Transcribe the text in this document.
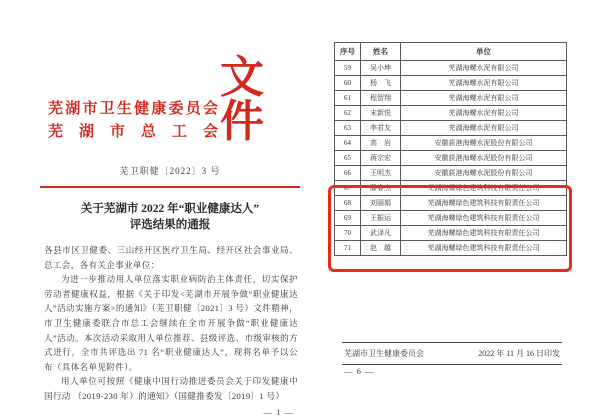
芜湖市卫生健康委员会
芜湖市总工会
文件
芜卫职健〔2022〕3 号
关于芜湖市 2022 年“职业健康达人”
评选结果的通报

各县市区卫健委、三山经开区医疗卫生局、经开区社会事业局、总工会，各有关企事业单位：

为进一步推动用人单位落实职业病防治主体责任，切实保护劳动者健康权益，根据《关于印发<芜湖市开展争做“职业健康达人”活动实施方案>的通知》（芜卫职健〔2021〕3 号）文件精神，市卫生健康委联合市总工会继续在全市开展争做“职业健康达人”活动。本次活动采取用人单位推荐、县级评选、市级审核的方式进行，全市共评选出 71 名“职业健康达人”，现将名单予以公布（具体名单见附件）。

用人单位可按照《健康中国行动推进委员会关于印发健康中国行动 （2019-230 年）的通知》（国健推委发〔2019〕1 号）

— 1 —
序号	姓名	单位
59	吴小坤	芜湖海螺水泥有限公司
60	杨　飞	芜湖海螺水泥有限公司
61	程智翔	芜湖海螺水泥有限公司
62	宋新悦	芜湖海螺水泥有限公司
63	李君友	芜湖海螺水泥有限公司
64	高　岩	安徽荻港海螺水泥股份有限公司
65	蒋宗宏	安徽荻港海螺水泥股份有限公司
66	王明杰	安徽荻港海螺水泥股份有限公司
67	滕春杰	芜湖海螺绿色建筑科技有限责任公司
68	刘丽娟	芜湖海螺绿色建筑科技有限责任公司
69	王振运	芜湖海螺绿色建筑科技有限责任公司
70	武泽凡	芜湖海螺绿色建筑科技有限责任公司
71	赵　越	芜湖海螺绿色建筑科技有限责任公司
芜湖市卫生健康委员会	2022 年 11 月 16 日印发
— 6 —
